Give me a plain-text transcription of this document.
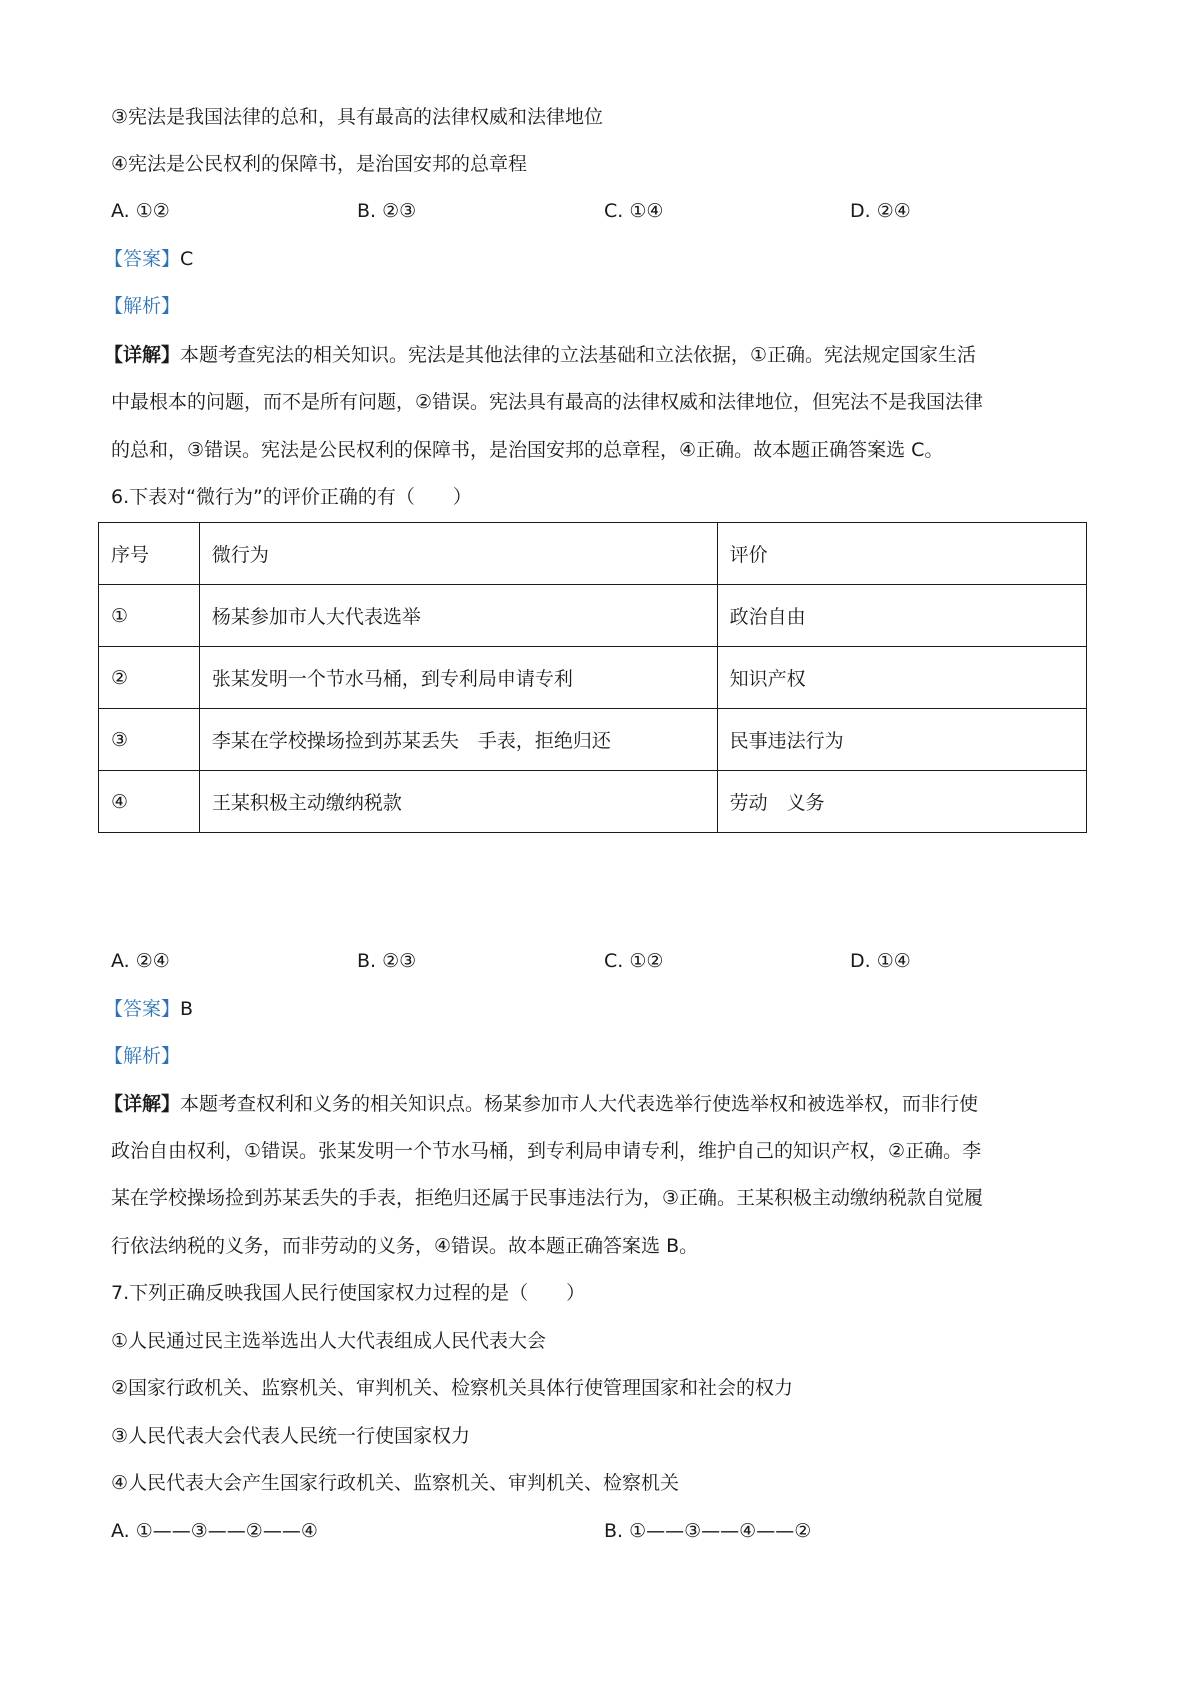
③宪法是我国法律的总和，具有最高的法律权威和法律地位
④宪法是公民权利的保障书，是治国安邦的总章程
A. ①②	B. ②③	C. ①④	D. ②④
【答案】C
【解析】
【详解】本题考查宪法的相关知识。宪法是其他法律的立法基础和立法依据，①正确。宪法规定国家生活
中最根本的问题，而不是所有问题，②错误。宪法具有最高的法律权威和法律地位，但宪法不是我国法律
的总和，③错误。宪法是公民权利的保障书，是治国安邦的总章程，④正确。故本题正确答案选 C。
6.下表对“微行为”的评价正确的有（　　）
序号	微行为	评价
①	杨某参加市人大代表选举	政治自由
②	张某发明一个节水马桶，到专利局申请专利	知识产权
③	李某在学校操场捡到苏某丢失　手表，拒绝归还	民事违法行为
④	王某积极主动缴纳税款	劳动　义务
A. ②④	B. ②③	C. ①②	D. ①④
【答案】B
【解析】
【详解】本题考查权利和义务的相关知识点。杨某参加市人大代表选举行使选举权和被选举权，而非行使
政治自由权利，①错误。张某发明一个节水马桶，到专利局申请专利，维护自己的知识产权，②正确。李
某在学校操场捡到苏某丢失的手表，拒绝归还属于民事违法行为，③正确。王某积极主动缴纳税款自觉履
行依法纳税的义务，而非劳动的义务，④错误。故本题正确答案选 B。
7.下列正确反映我国人民行使国家权力过程的是（　　）
①人民通过民主选举选出人大代表组成人民代表大会
②国家行政机关、监察机关、审判机关、检察机关具体行使管理国家和社会的权力
③人民代表大会代表人民统一行使国家权力
④人民代表大会产生国家行政机关、监察机关、审判机关、检察机关
A. ①——③——②——④	B. ①——③——④——②
